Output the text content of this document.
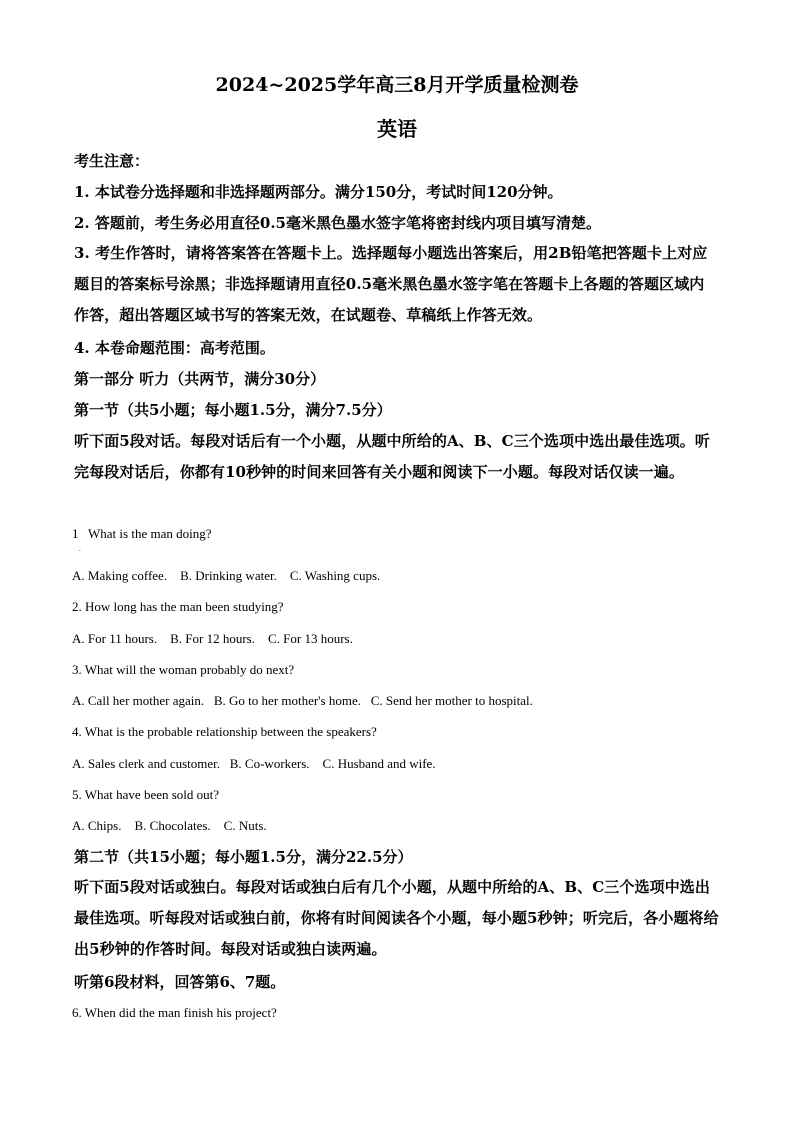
2024~2025学年高三8月开学质量检测卷
英语
考生注意：
1. 本试卷分选择题和非选择题两部分。满分150分，考试时间120分钟。
2. 答题前，考生务必用直径0.5毫米黑色墨水签字笔将密封线内项目填写清楚。
3. 考生作答时，请将答案答在答题卡上。选择题每小题选出答案后，用2B铅笔把答题卡上对应题目的答案标号涂黑；非选择题请用直径0.5毫米黑色墨水签字笔在答题卡上各题的答题区域内作答，超出答题区域书写的答案无效，在试题卷、草稿纸上作答无效。
4. 本卷命题范围：高考范围。
第一部分 听力（共两节，满分30分）
第一节（共5小题；每小题1.5分，满分7.5分）
听下面5段对话。每段对话后有一个小题，从题中所给的A、B、C三个选项中选出最佳选项。听完每段对话后，你都有10秒钟的时间来回答有关小题和阅读下一小题。每段对话仅读一遍。
1   What is the man doing?
.
A. Making coffee.    B. Drinking water.    C. Washing cups.
2. How long has the man been studying?
A. For 11 hours.    B. For 12 hours.    C. For 13 hours.
3. What will the woman probably do next?
A. Call her mother again.   B. Go to her mother's home.   C. Send her mother to hospital.
4. What is the probable relationship between the speakers?
A. Sales clerk and customer.   B. Co-workers.    C. Husband and wife.
5. What have been sold out?
A. Chips.    B. Chocolates.    C. Nuts.
第二节（共15小题；每小题1.5分，满分22.5分）
听下面5段对话或独白。每段对话或独白后有几个小题，从题中所给的A、B、C三个选项中选出最佳选项。听每段对话或独白前，你将有时间阅读各个小题，每小题5秒钟；听完后，各小题将给出5秒钟的作答时间。每段对话或独白读两遍。
听第6段材料，回答第6、7题。
6. When did the man finish his project?
